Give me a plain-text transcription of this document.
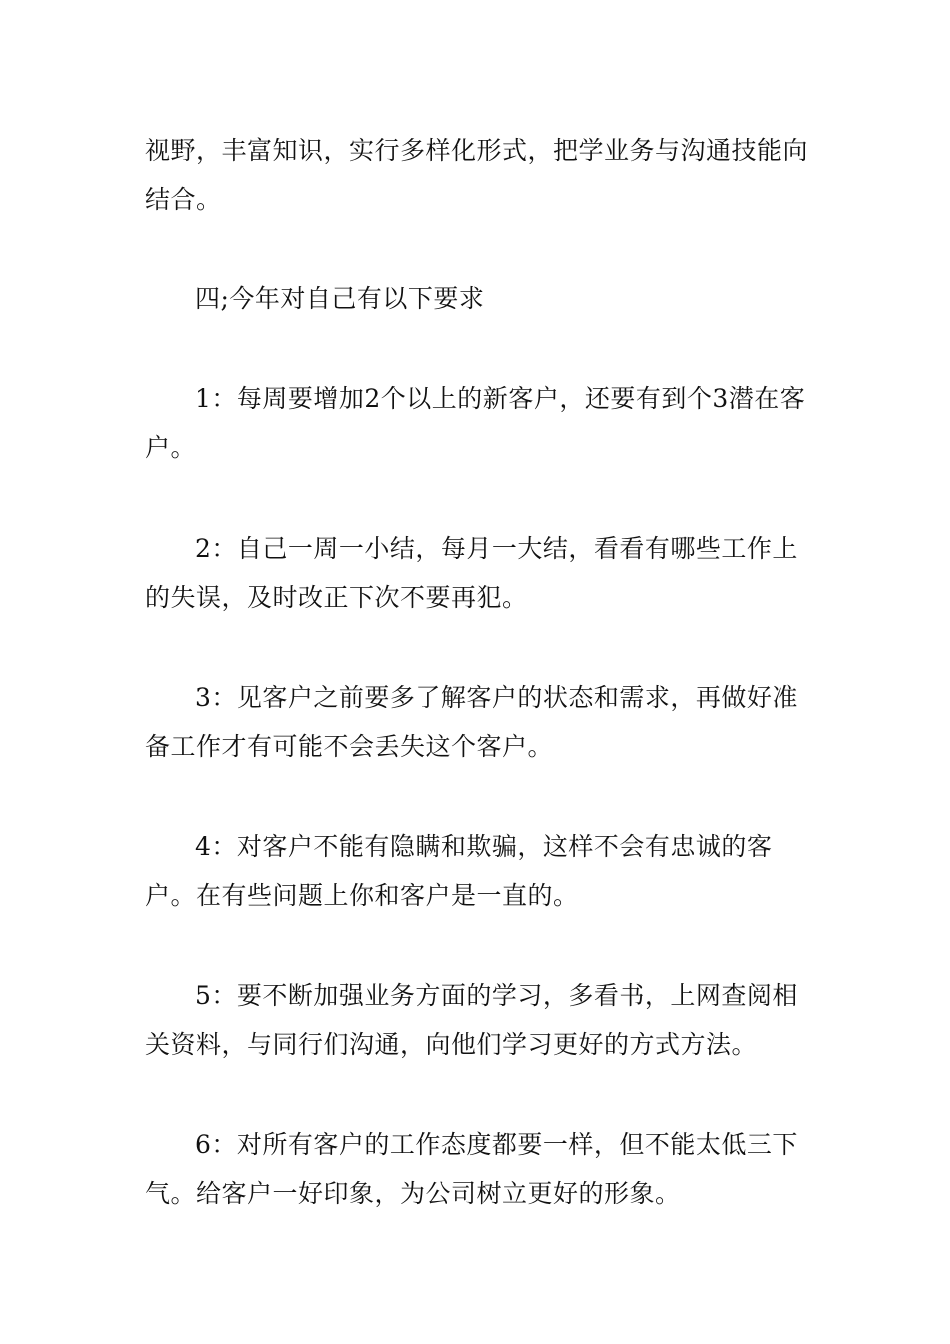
视野，丰富知识，实行多样化形式，把学业务与沟通技能向结合。

四;今年对自己有以下要求

1：每周要增加2个以上的新客户，还要有到个3潜在客户。

2：自己一周一小结，每月一大结，看看有哪些工作上的失误，及时改正下次不要再犯。

3：见客户之前要多了解客户的状态和需求，再做好准备工作才有可能不会丢失这个客户。

4：对客户不能有隐瞒和欺骗，这样不会有忠诚的客户。在有些问题上你和客户是一直的。

5：要不断加强业务方面的学习，多看书，上网查阅相关资料，与同行们沟通，向他们学习更好的方式方法。

6：对所有客户的工作态度都要一样，但不能太低三下气。给客户一好印象，为公司树立更好的形象。
